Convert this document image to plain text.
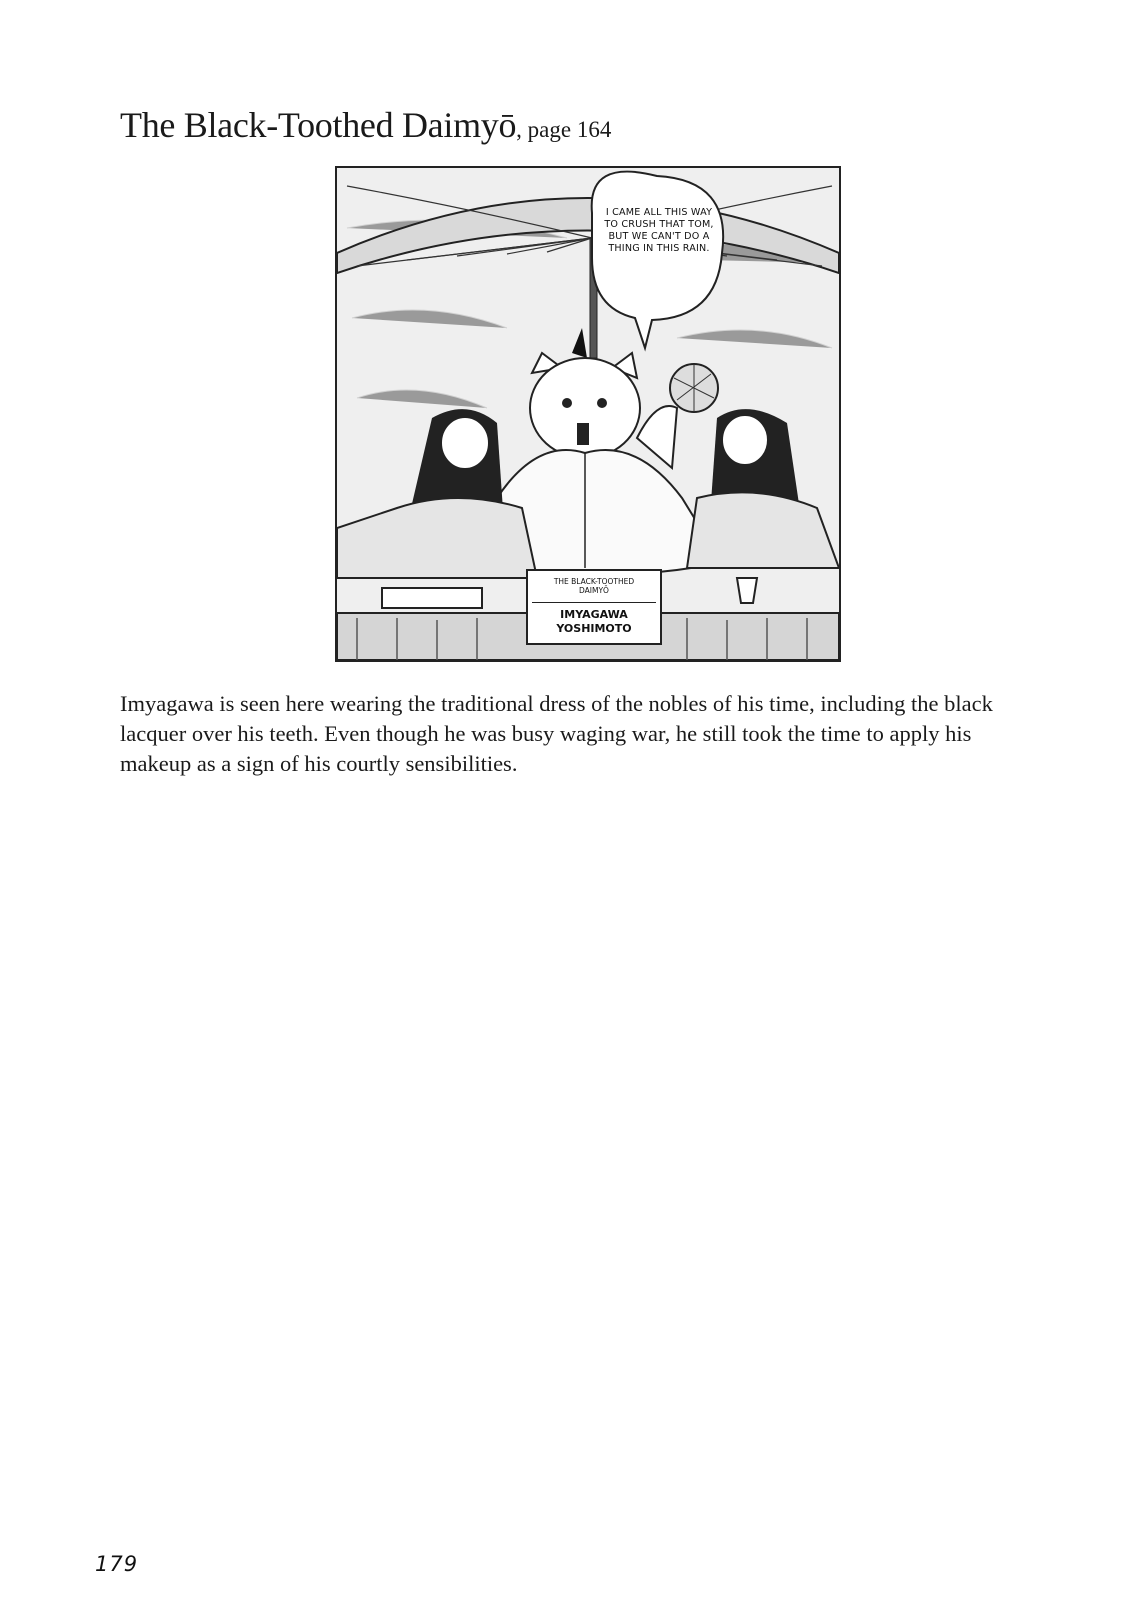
The Black-Toothed Daimyō, page 164
I CAME ALL THIS WAY TO CRUSH THAT TOM, BUT WE CAN'T DO A THING IN THIS RAIN.
THE BLACK-TOOTHED DAIMYŌ
IMYAGAWA YOSHIMOTO

Imyagawa is seen here wearing the traditional dress of the nobles of his time, including the black lacquer over his teeth. Even though he was busy waging war, he still took the time to apply his makeup as a sign of his courtly sensibilities.

179
